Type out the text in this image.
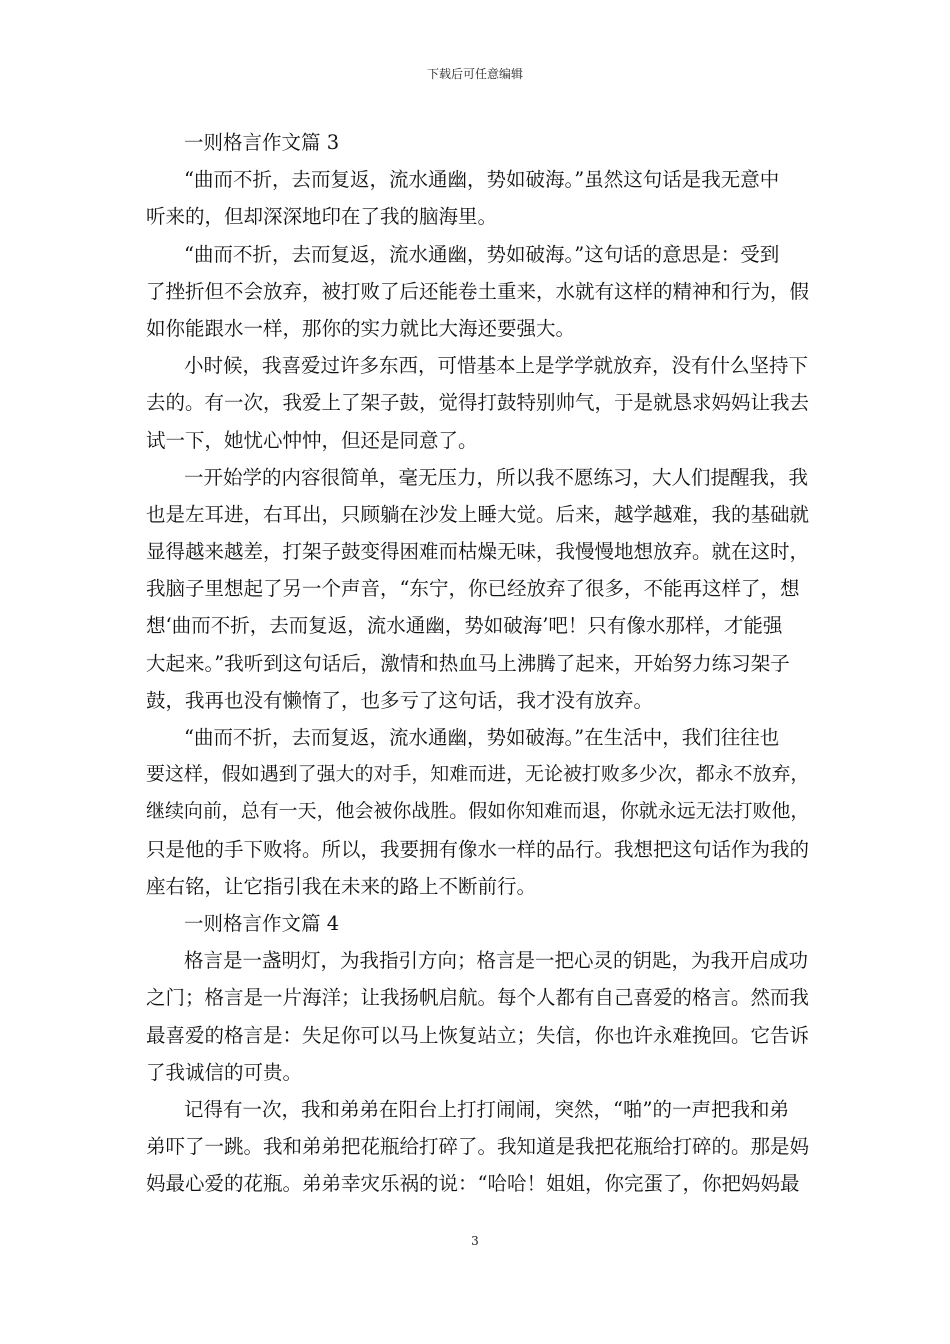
下载后可任意编辑
一则格言作文篇 3
“曲而不折，去而复返，流水通幽，势如破海。”虽然这句话是我无意中
听来的，但却深深地印在了我的脑海里。
“曲而不折，去而复返，流水通幽，势如破海。”这句话的意思是：受到
了挫折但不会放弃，被打败了后还能卷土重来，水就有这样的精神和行为，假
如你能跟水一样，那你的实力就比大海还要强大。
小时候，我喜爱过许多东西，可惜基本上是学学就放弃，没有什么坚持下
去的。有一次，我爱上了架子鼓，觉得打鼓特别帅气，于是就恳求妈妈让我去
试一下，她忧心忡忡，但还是同意了。
一开始学的内容很简单，毫无压力，所以我不愿练习，大人们提醒我，我
也是左耳进，右耳出，只顾躺在沙发上睡大觉。后来，越学越难，我的基础就
显得越来越差，打架子鼓变得困难而枯燥无味，我慢慢地想放弃。就在这时，
我脑子里想起了另一个声音，“东宁，你已经放弃了很多，不能再这样了，想
想‘曲而不折，去而复返，流水通幽，势如破海’吧！只有像水那样，才能强
大起来。”我听到这句话后，激情和热血马上沸腾了起来，开始努力练习架子
鼓，我再也没有懒惰了，也多亏了这句话，我才没有放弃。
“曲而不折，去而复返，流水通幽，势如破海。”在生活中，我们往往也
要这样，假如遇到了强大的对手，知难而进，无论被打败多少次，都永不放弃，
继续向前，总有一天，他会被你战胜。假如你知难而退，你就永远无法打败他，
只是他的手下败将。所以，我要拥有像水一样的品行。我想把这句话作为我的
座右铭，让它指引我在未来的路上不断前行。
一则格言作文篇 4
格言是一盏明灯，为我指引方向；格言是一把心灵的钥匙，为我开启成功
之门；格言是一片海洋；让我扬帆启航。每个人都有自己喜爱的格言。然而我
最喜爱的格言是：失足你可以马上恢复站立；失信，你也许永难挽回。它告诉
了我诚信的可贵。
记得有一次，我和弟弟在阳台上打打闹闹，突然，“啪”的一声把我和弟
弟吓了一跳。我和弟弟把花瓶给打碎了。我知道是我把花瓶给打碎的。那是妈
妈最心爱的花瓶。弟弟幸灾乐祸的说：“哈哈！姐姐，你完蛋了，你把妈妈最
3
